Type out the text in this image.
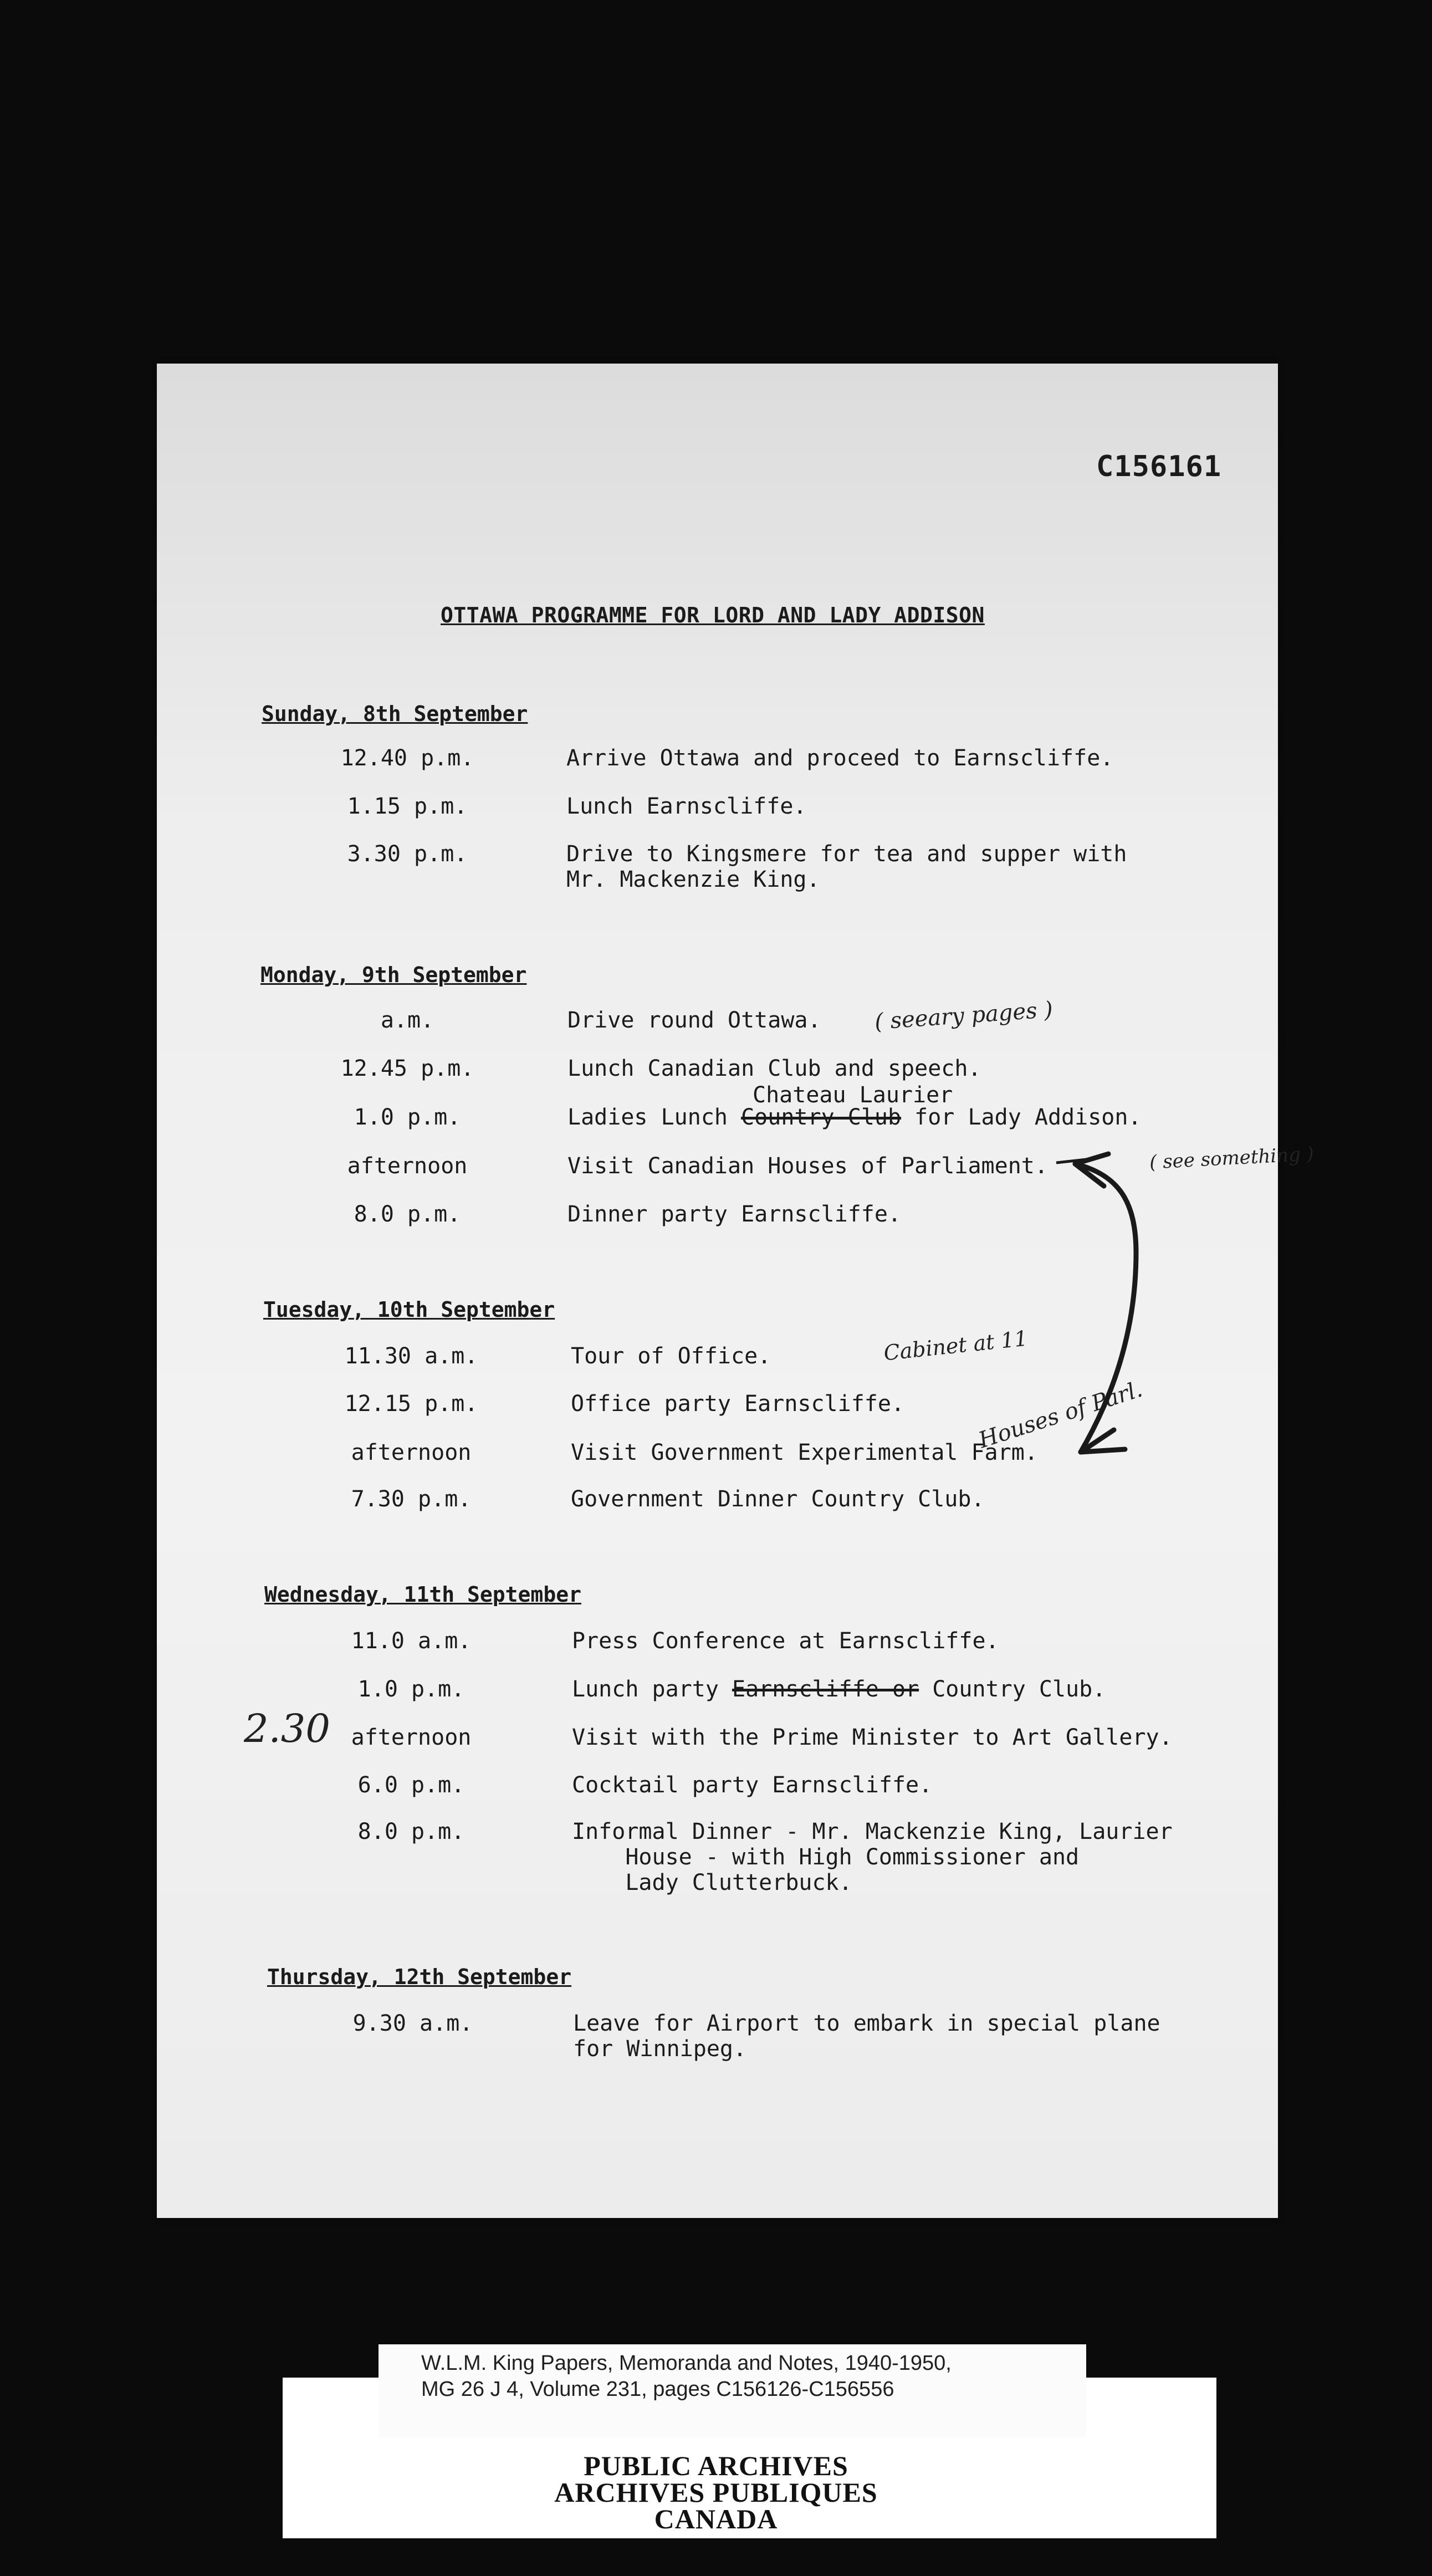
C156161
OTTAWA PROGRAMME FOR LORD AND LADY ADDISON
Sunday, 8th September
12.40 p.m.	Arrive Ottawa and proceed to Earnscliffe.
1.15 p.m.	Lunch Earnscliffe.
3.30 p.m.	Drive to Kingsmere for tea and supper with
Mr. Mackenzie King.
Monday, 9th September
a.m.	Drive round Ottawa. ( seeary pages )
12.45 p.m.	Lunch Canadian Club and speech.
Chateau Laurier
1.0 p.m.	Ladies Lunch Country Club for Lady Addison.
afternoon	Visit Canadian Houses of Parliament.	( see something )
8.0 p.m.	Dinner party Earnscliffe.
Tuesday, 10th September
11.30 a.m.	Tour of Office.	Cabinet at 11
12.15 p.m.	Office party Earnscliffe.	Houses of Parl.
afternoon	Visit Government Experimental Farm.
7.30 p.m.	Government Dinner Country Club.
Wednesday, 11th September
11.0 a.m.	Press Conference at Earnscliffe.
1.0 p.m.	Lunch party Earnscliffe or Country Club.
2.30 afternoon	Visit with the Prime Minister to Art Gallery.
6.0 p.m.	Cocktail party Earnscliffe.
8.0 p.m.	Informal Dinner - Mr. Mackenzie King, Laurier
House - with High Commissioner and
Lady Clutterbuck.
Thursday, 12th September
9.30 a.m.	Leave for Airport to embark in special plane
for Winnipeg.
W.L.M. King Papers, Memoranda and Notes, 1940-1950,
MG 26 J 4, Volume 231, pages C156126-C156556
PUBLIC ARCHIVES
ARCHIVES PUBLIQUES
CANADA
